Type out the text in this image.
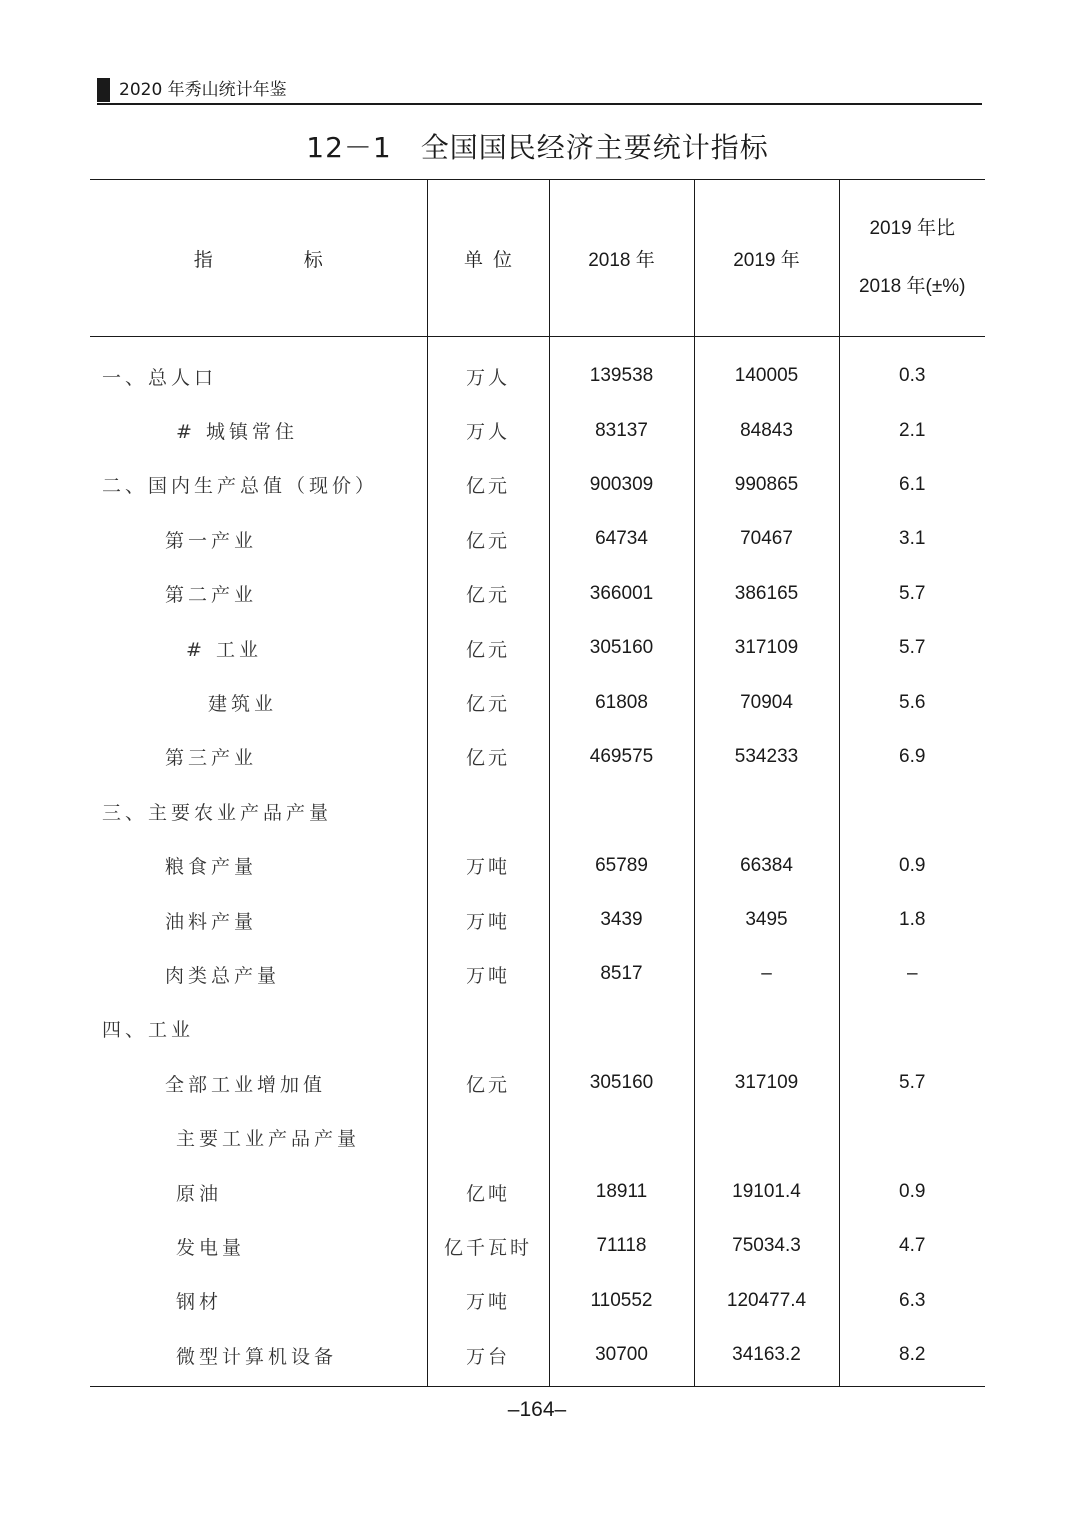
2020 年秀山统计年鉴
12－1　全国国民经济主要统计指标
指　标	单位	2018 年	2019 年	2019 年比
2018 年(±%)

一、总人口	万人	139538	140005	0.3
# 城镇常住	万人	83137	84843	2.1
二、国内生产总值（现价）	亿元	900309	990865	6.1
第一产业	亿元	64734	70467	3.1
第二产业	亿元	366001	386165	5.7
# 工业	亿元	305160	317109	5.7
建筑业	亿元	61808	70904	5.6
第三产业	亿元	469575	534233	6.9
三、主要农业产品产量				
粮食产量	万吨	65789	66384	0.9
油料产量	万吨	3439	3495	1.8
肉类总产量	万吨	8517	–	–
四、工业				
全部工业增加值	亿元	305160	317109	5.7
主要工业产品产量				
原油	亿吨	18911	19101.4	0.9
发电量	亿千瓦时	71118	75034.3	4.7
钢材	万吨	110552	120477.4	6.3
微型计算机设备	万台	30700	34163.2	8.2
–164–
